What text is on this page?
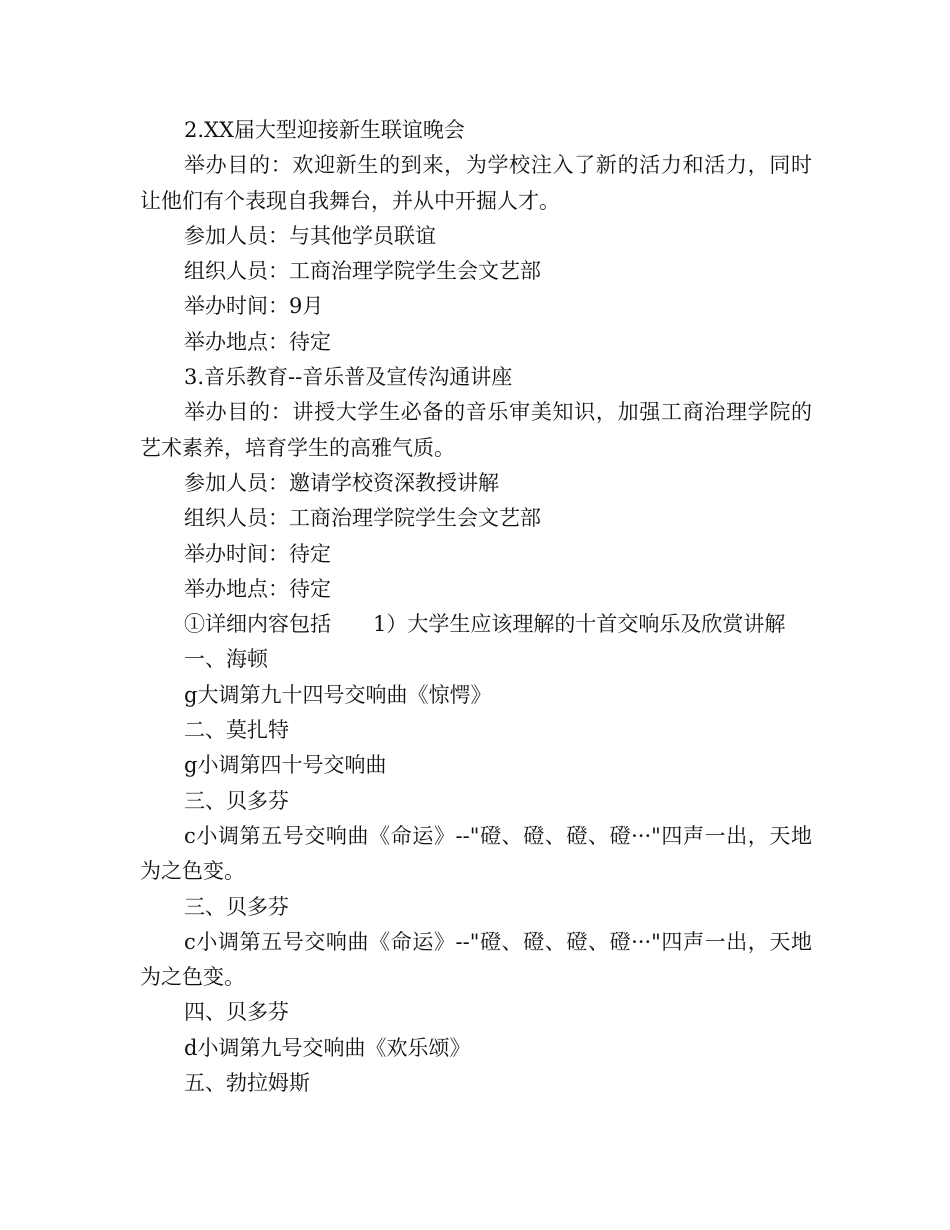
2.XX届大型迎接新生联谊晚会

举办目的：欢迎新生的到来，为学校注入了新的活力和活力，同时让他们有个表现自我舞台，并从中开掘人才。

参加人员：与其他学员联谊

组织人员：工商治理学院学生会文艺部

举办时间：9月

举办地点：待定

3.音乐教育--音乐普及宣传沟通讲座

举办目的：讲授大学生必备的音乐审美知识，加强工商治理学院的艺术素养，培育学生的高雅气质。

参加人员：邀请学校资深教授讲解

组织人员：工商治理学院学生会文艺部

举办时间：待定

举办地点：待定

①详细内容包括　　1）大学生应该理解的十首交响乐及欣赏讲解

一、海顿

g大调第九十四号交响曲《惊愕》

二、莫扎特

g小调第四十号交响曲

三、贝多芬

c小调第五号交响曲《命运》--"磴、磴、磴、磴···"四声一出，天地为之色变。

三、贝多芬

c小调第五号交响曲《命运》--"磴、磴、磴、磴···"四声一出，天地为之色变。

四、贝多芬

d小调第九号交响曲《欢乐颂》

五、勃拉姆斯
